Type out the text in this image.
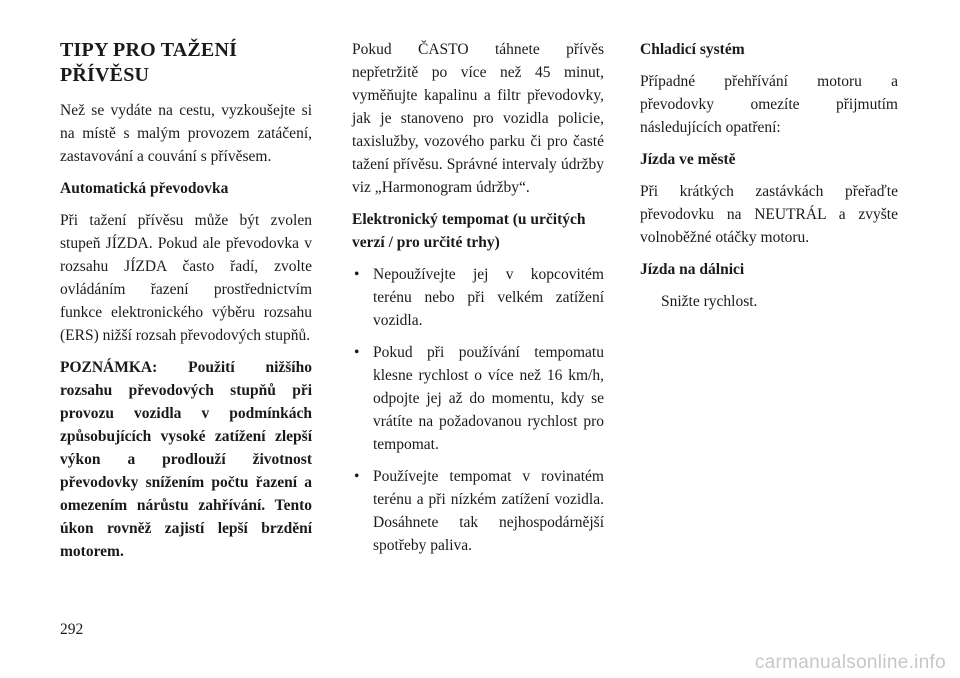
TIPY PRO TAŽENÍ
PŘÍVĚSU

Než se vydáte na cestu, vyzkoušejte si na místě s malým provozem zatáčení, zastavování a couvání s přívěsem.

Automatická převodovka

Při tažení přívěsu může být zvolen stupeň JÍZDA. Pokud ale převodovka v rozsahu JÍZDA často řadí, zvolte ovládáním řazení prostřednictvím funkce elektronického výběru rozsahu (ERS) nižší rozsah převodových stupňů.

POZNÁMKA: Použití nižšího rozsahu převodových stupňů při provozu vozidla v podmínkách způsobujících vysoké zatížení zlepší výkon a prodlouží životnost převodovky snížením počtu řazení a omezením nárůstu zahřívání. Tento úkon rovněž zajistí lepší brzdění motorem.

Pokud ČASTO táhnete přívěs nepřetržitě po více než 45 minut, vyměňujte kapalinu a filtr převodovky, jak je stanoveno pro vozidla policie, taxislužby, vozového parku či pro časté tažení přívěsu. Správné intervaly údržby viz „Harmonogram údržby“.

Elektronický tempomat (u určitých verzí / pro určité trhy)
• Nepoužívejte jej v kopcovitém terénu nebo při velkém zatížení vozidla.
• Pokud při používání tempomatu klesne rychlost o více než 16 km/h, odpojte jej až do momentu, kdy se vrátíte na požadovanou rychlost pro tempomat.
• Používejte tempomat v rovinatém terénu a při nízkém zatížení vozidla. Dosáhnete tak nejhospodárnější spotřeby paliva.
Chladicí systém

Případné přehřívání motoru a převodovky omezíte přijmutím následujících opatření:

Jízda ve městě

Při krátkých zastávkách přeřaďte převodovku na NEUTRÁL a zvyšte volnoběžné otáčky motoru.

Jízda na dálnici

Snižte rychlost.

292
carmanualsonline.info
